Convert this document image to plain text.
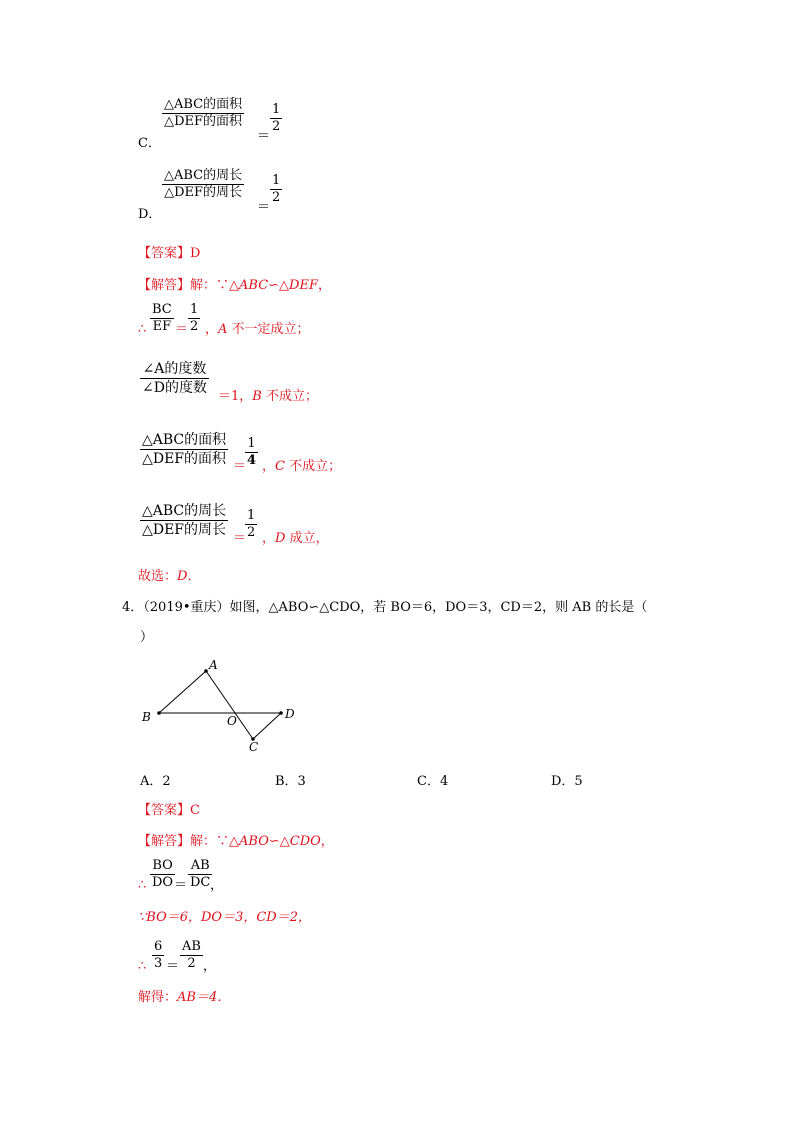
△ABC的面积
△DEF的面积 $\frac{1}{2}$
C．	＝
△ABC的周长
△DEF的周长 $\frac{1}{2}$
D．	＝
【答案】D
【解答】解：∵△ABC∽△DEF，
$\frac{BC}{EF} \frac{1}{2}$
∴ ＝ ，A 不一定成立；
∠A的度数
∠D的度数
＝1，B 不成立；
△ABC的面积
△DEF的面积 ＝
$\frac{1}{4}$ ，C 不成立；
△ABC的周长
△DEF的周长
＝
$\frac{1}{2}$ ，D 成立，
故选：D．
4．（2019•重庆）如图，△ABO∽△CDO，若 BO＝6，DO＝3，CD＝2，则 AB 的长是（
）
A
B	O
C
D
A．2	B．3	C．4	D．5
【答案】C
【解答】解：∵△ABO∽△CDO，
$\frac{BO}{DO} \frac{AB}{DC}$
∴ ＝ ，
∵BO＝6，DO＝3，CD＝2，
$\frac{6}{3} \frac{AB}{2}$
∴ ＝ ，
解得：AB＝4．
